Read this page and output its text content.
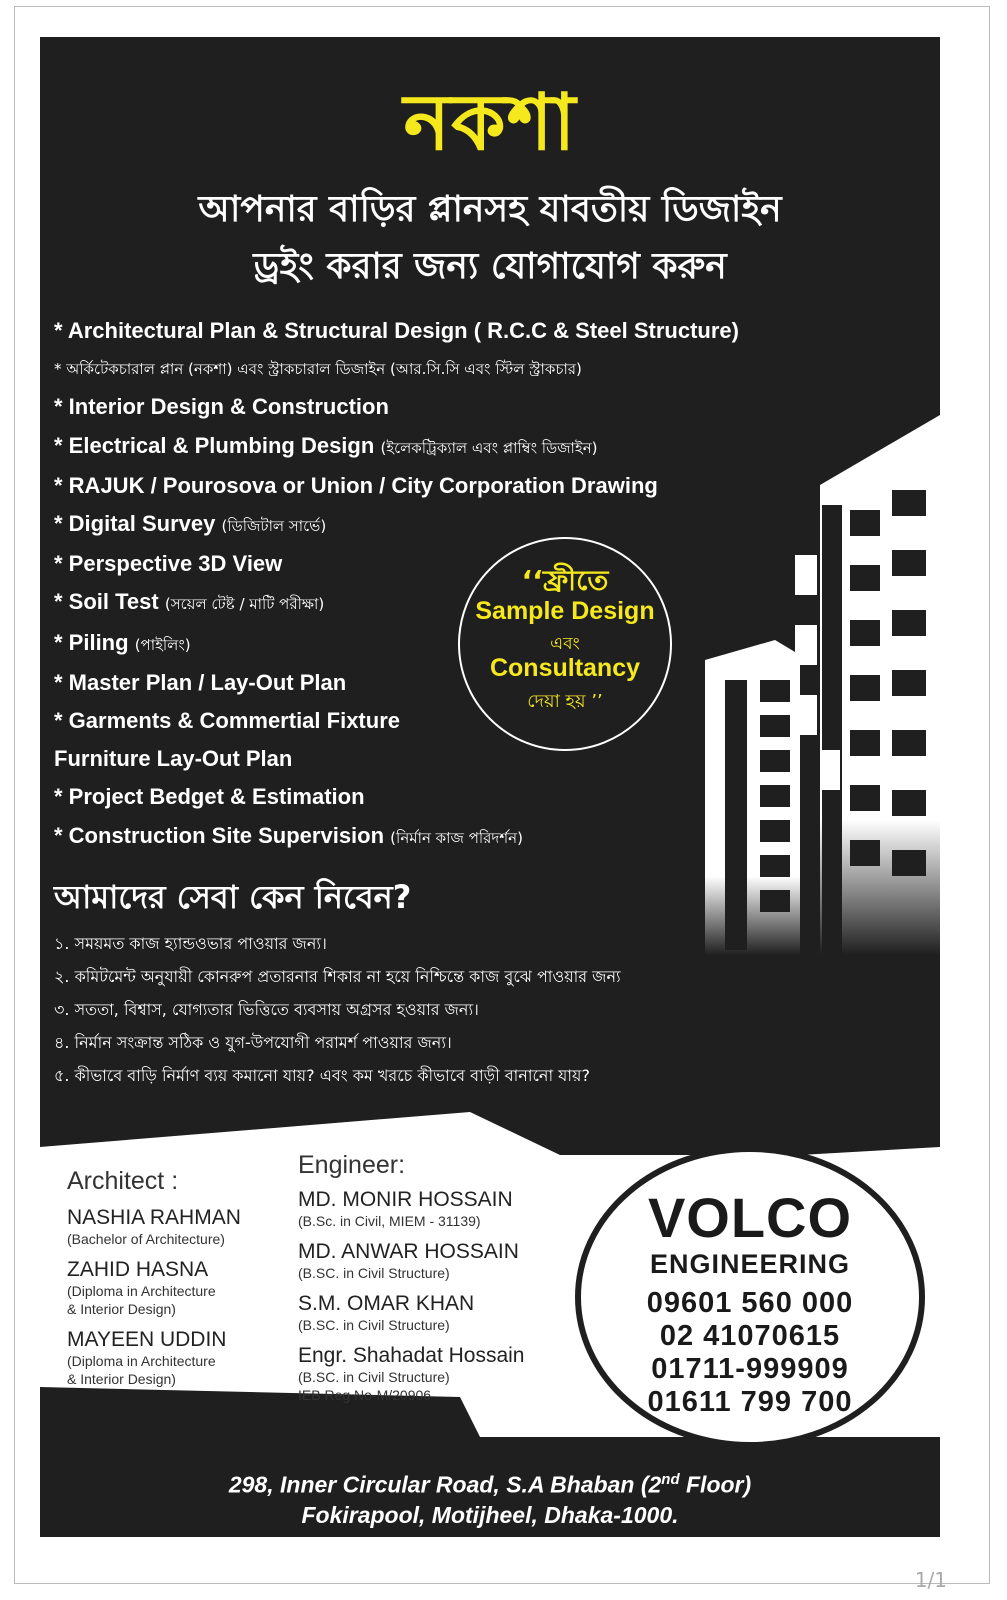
নকশা
আপনার বাড়ির প্লানসহ যাবতীয় ডিজাইন
ড্রইং করার জন্য যোগাযোগ করুন
* Architectural Plan & Structural Design ( R.C.C & Steel Structure)
* অর্কিটেকচারাল প্লান (নকশা) এবং স্ট্রাকচারাল ডিজাইন (আর.সি.সি এবং স্টিল স্ট্রাকচার)
* Interior Design & Construction
* Electrical & Plumbing Design (ইলেকট্রিক্যাল এবং প্লাম্বিং ডিজাইন)
* RAJUK / Pourosova or Union / City Corporation Drawing
* Digital Survey (ডিজিটাল সার্ভে)
* Perspective 3D View
* Soil Test (সয়েল টেষ্ট / মাটি পরীক্ষা)
* Piling (পাইলিং)
* Master Plan / Lay-Out Plan
* Garments & Commertial Fixture
Furniture Lay-Out Plan
* Project Bedget & Estimation
* Construction Site Supervision (নির্মান কাজ পরিদর্শন)
‘‘ফ্রীতে
Sample Design
এবং
Consultancy
দেয়া হয় ’’
আমাদের সেবা কেন নিবেন?
১. সময়মত কাজ হ্যান্ডওভার পাওয়ার জন্য।
২. কমিটমেন্ট অনুযায়ী কোনরুপ প্রতারনার শিকার না হয়ে নিশ্চিন্তে কাজ বুঝে পাওয়ার জন্য
৩. সততা, বিশ্বাস, যোগ্যতার ভিত্তিতে ব্যবসায় অগ্রসর হওয়ার জন্য।
৪. নির্মান সংক্রান্ত সঠিক ও যুগ-উপযোগী পরামর্শ পাওয়ার জন্য।
৫. কীভাবে বাড়ি নির্মাণ ব্যয় কমানো যায়? এবং কম খরচে কীভাবে বাড়ী বানানো যায়?
Architect :
NASHIA RAHMAN
(Bachelor of Architecture)
ZAHID HASNA
(Diploma in Architecture
& Interior Design)
MAYEEN UDDIN
(Diploma in Architecture
& Interior Design)
Engineer:
MD. MONIR HOSSAIN
(B.Sc. in Civil, MIEM - 31139)
MD. ANWAR HOSSAIN
(B.SC. in Civil Structure)
S.M. OMAR KHAN
(B.SC. in Civil Structure)
Engr. Shahadat Hossain
(B.SC. in Civil Structure)
IEB Reg No-M/20906
VOLCO
ENGINEERING
09601 560 000
02 41070615
01711-999909
01611 799 700
298, Inner Circular Road, S.A Bhaban (2nd Floor)
Fokirapool, Motijheel, Dhaka-1000.
1/1
